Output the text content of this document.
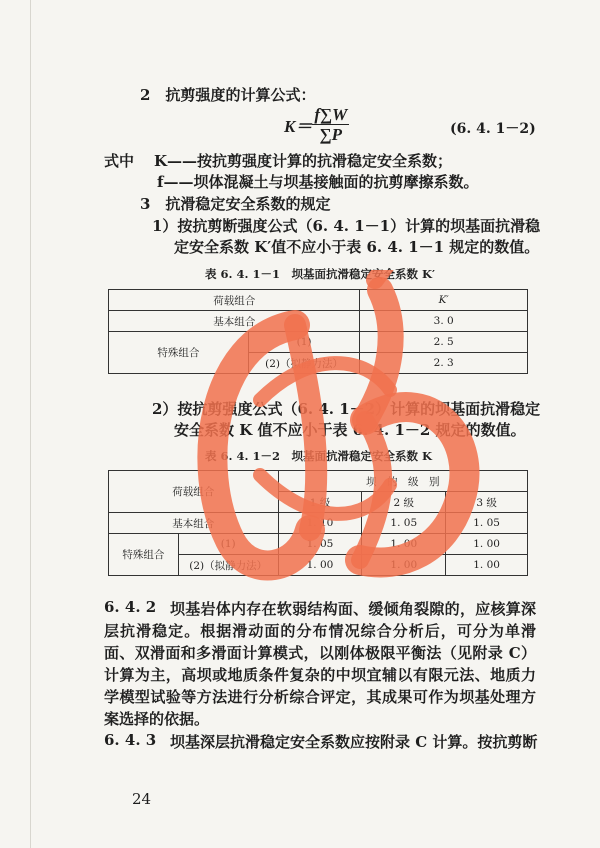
2　抗剪强度的计算公式：
$K= \frac{f\sum W}{\sum P}$	(6. 4. 1－2)
式中 K——按抗剪强度计算的抗滑稳定安全系数；
f——坝体混凝土与坝基接触面的抗剪摩擦系数。
3　抗滑稳定安全系数的规定
1）按抗剪断强度公式（6. 4. 1－1）计算的坝基面抗滑稳
定安全系数 K′值不应小于表 6. 4. 1－1 规定的数值。
表 6. 4. 1－1　坝基面抗滑稳定安全系数 K′
荷载组合		K′
基本组合		3. 0
特殊组合	(1)	2. 5
	(2)（拟静力法）	2. 3
2）按抗剪强度公式（6. 4. 1－2）计算的坝基面抗滑稳定
安全系数 K 值不应小于表 6. 4. 1－2 规定的数值。
表 6. 4. 1－2　坝基面抗滑稳定安全系数 K
荷载组合		坝　的　级　别		
		1 级	2 级	3 级
基本组合		1. 10	1. 05	1. 05
特殊组合	(1)	1. 05	1. 00	1. 00
	(2)（拟静力法）	1. 00	1. 00	1. 00
6. 4. 2 坝基岩体内存在软弱结构面、缓倾角裂隙的，应核算深
层抗滑稳定。根据滑动面的分布情况综合分析后，可分为单滑
面、双滑面和多滑面计算模式，以刚体极限平衡法（见附录 C）
计算为主，高坝或地质条件复杂的中坝宜辅以有限元法、地质力
学模型试验等方法进行分析综合评定，其成果可作为坝基处理方
案选择的依据。
6. 4. 3 坝基深层抗滑稳定安全系数应按附录 C 计算。按抗剪断
24
